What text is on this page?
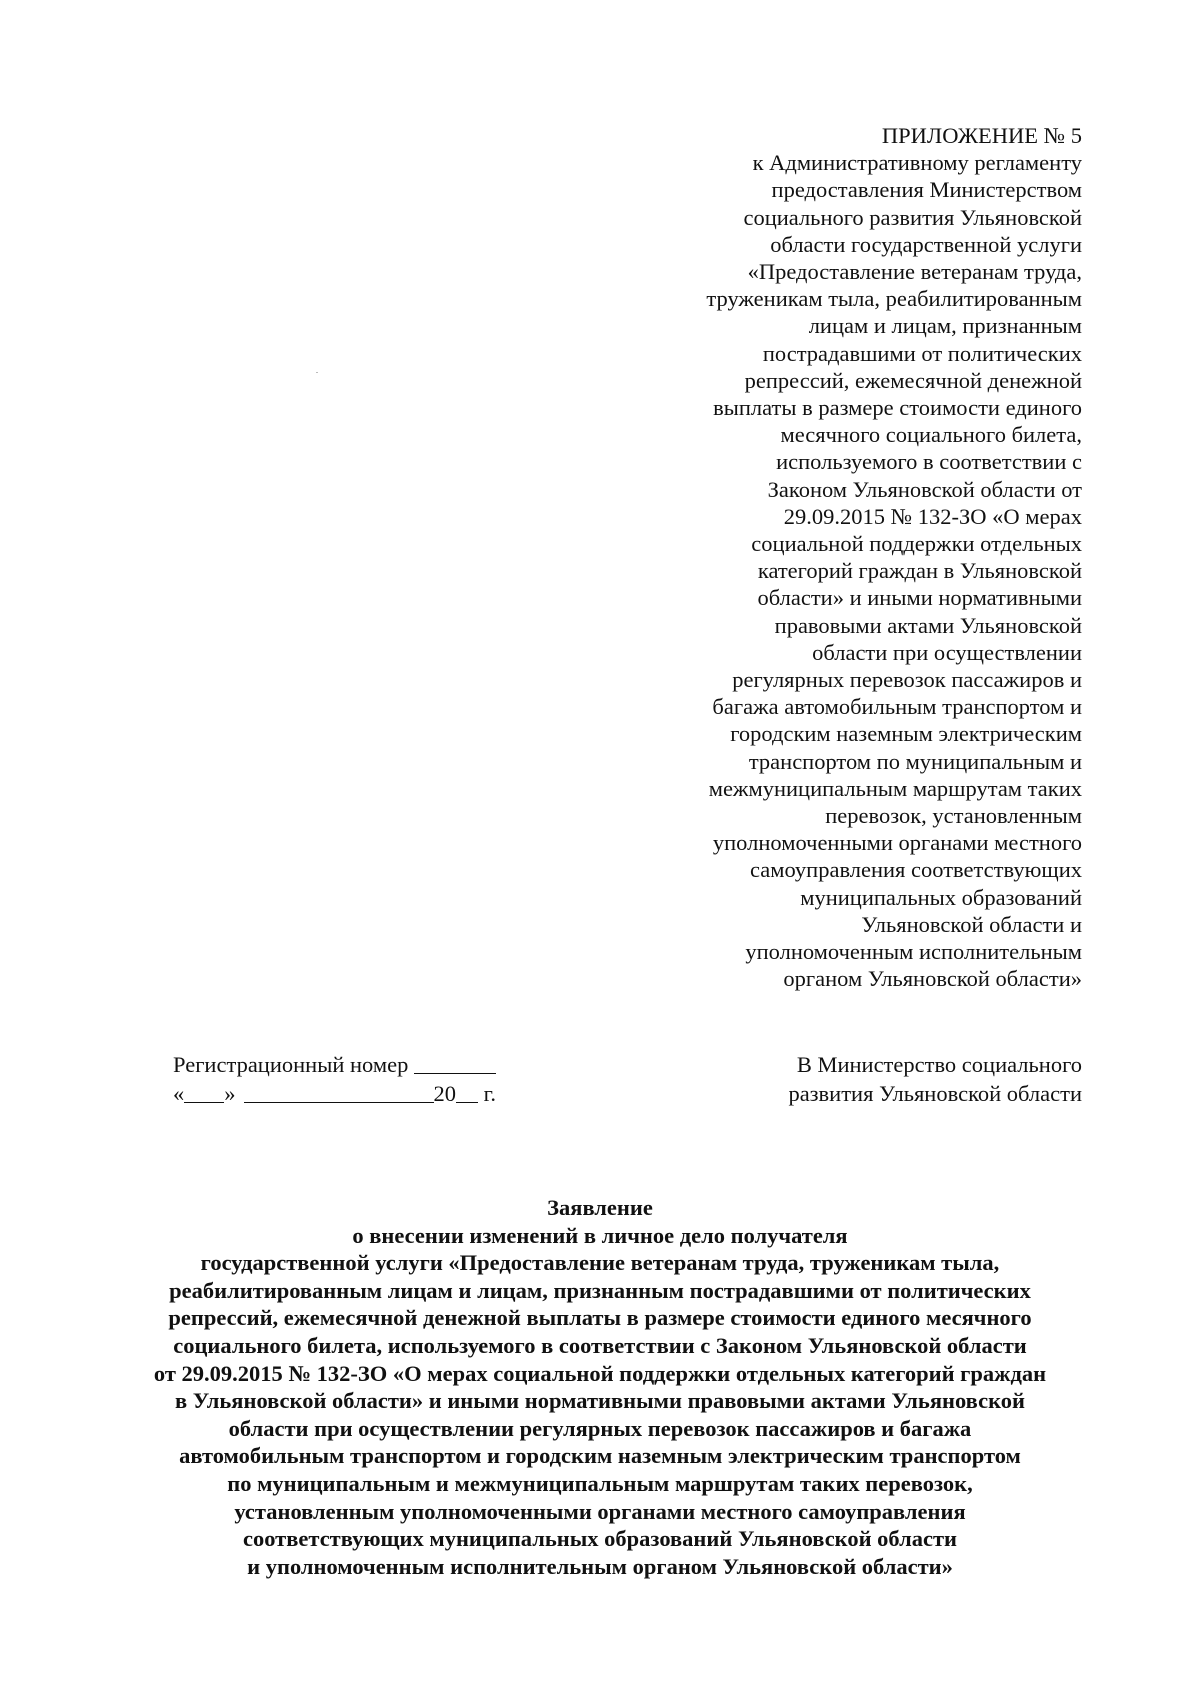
ПРИЛОЖЕНИЕ № 5
к Административному регламенту
предоставления Министерством
социального развития Ульяновской
области государственной услуги
«Предоставление ветеранам труда,
труженикам тыла, реабилитированным
лицам и лицам, признанным
пострадавшими от политических
репрессий, ежемесячной денежной
выплаты в размере стоимости единого
месячного социального билета,
используемого в соответствии с
Законом Ульяновской области от
29.09.2015 № 132-ЗО «О мерах
социальной поддержки отдельных
категорий граждан в Ульяновской
области» и иными нормативными
правовыми актами Ульяновской
области при осуществлении
регулярных перевозок пассажиров и
багажа автомобильным транспортом и
городским наземным электрическим
транспортом по муниципальным и
межмуниципальным маршрутам таких
перевозок, установленным
уполномоченными органами местного
самоуправления соответствующих
муниципальных образований
Ульяновской области и
уполномоченным исполнительным
органом Ульяновской области»
Регистрационный номер
« »	20 г.
В Министерство социального
развития Ульяновской области
Заявление
о внесении изменений в личное дело получателя
государственной услуги «Предоставление ветеранам труда, труженикам тыла,
реабилитированным лицам и лицам, признанным пострадавшими от политических
репрессий, ежемесячной денежной выплаты в размере стоимости единого месячного
социального билета, используемого в соответствии с Законом Ульяновской области
от 29.09.2015 № 132-ЗО «О мерах социальной поддержки отдельных категорий граждан
в Ульяновской области» и иными нормативными правовыми актами Ульяновской
области при осуществлении регулярных перевозок пассажиров и багажа
автомобильным транспортом и городским наземным электрическим транспортом
по муниципальным и межмуниципальным маршрутам таких перевозок,
установленным уполномоченными органами местного самоуправления
соответствующих муниципальных образований Ульяновской области
и уполномоченным исполнительным органом Ульяновской области»
